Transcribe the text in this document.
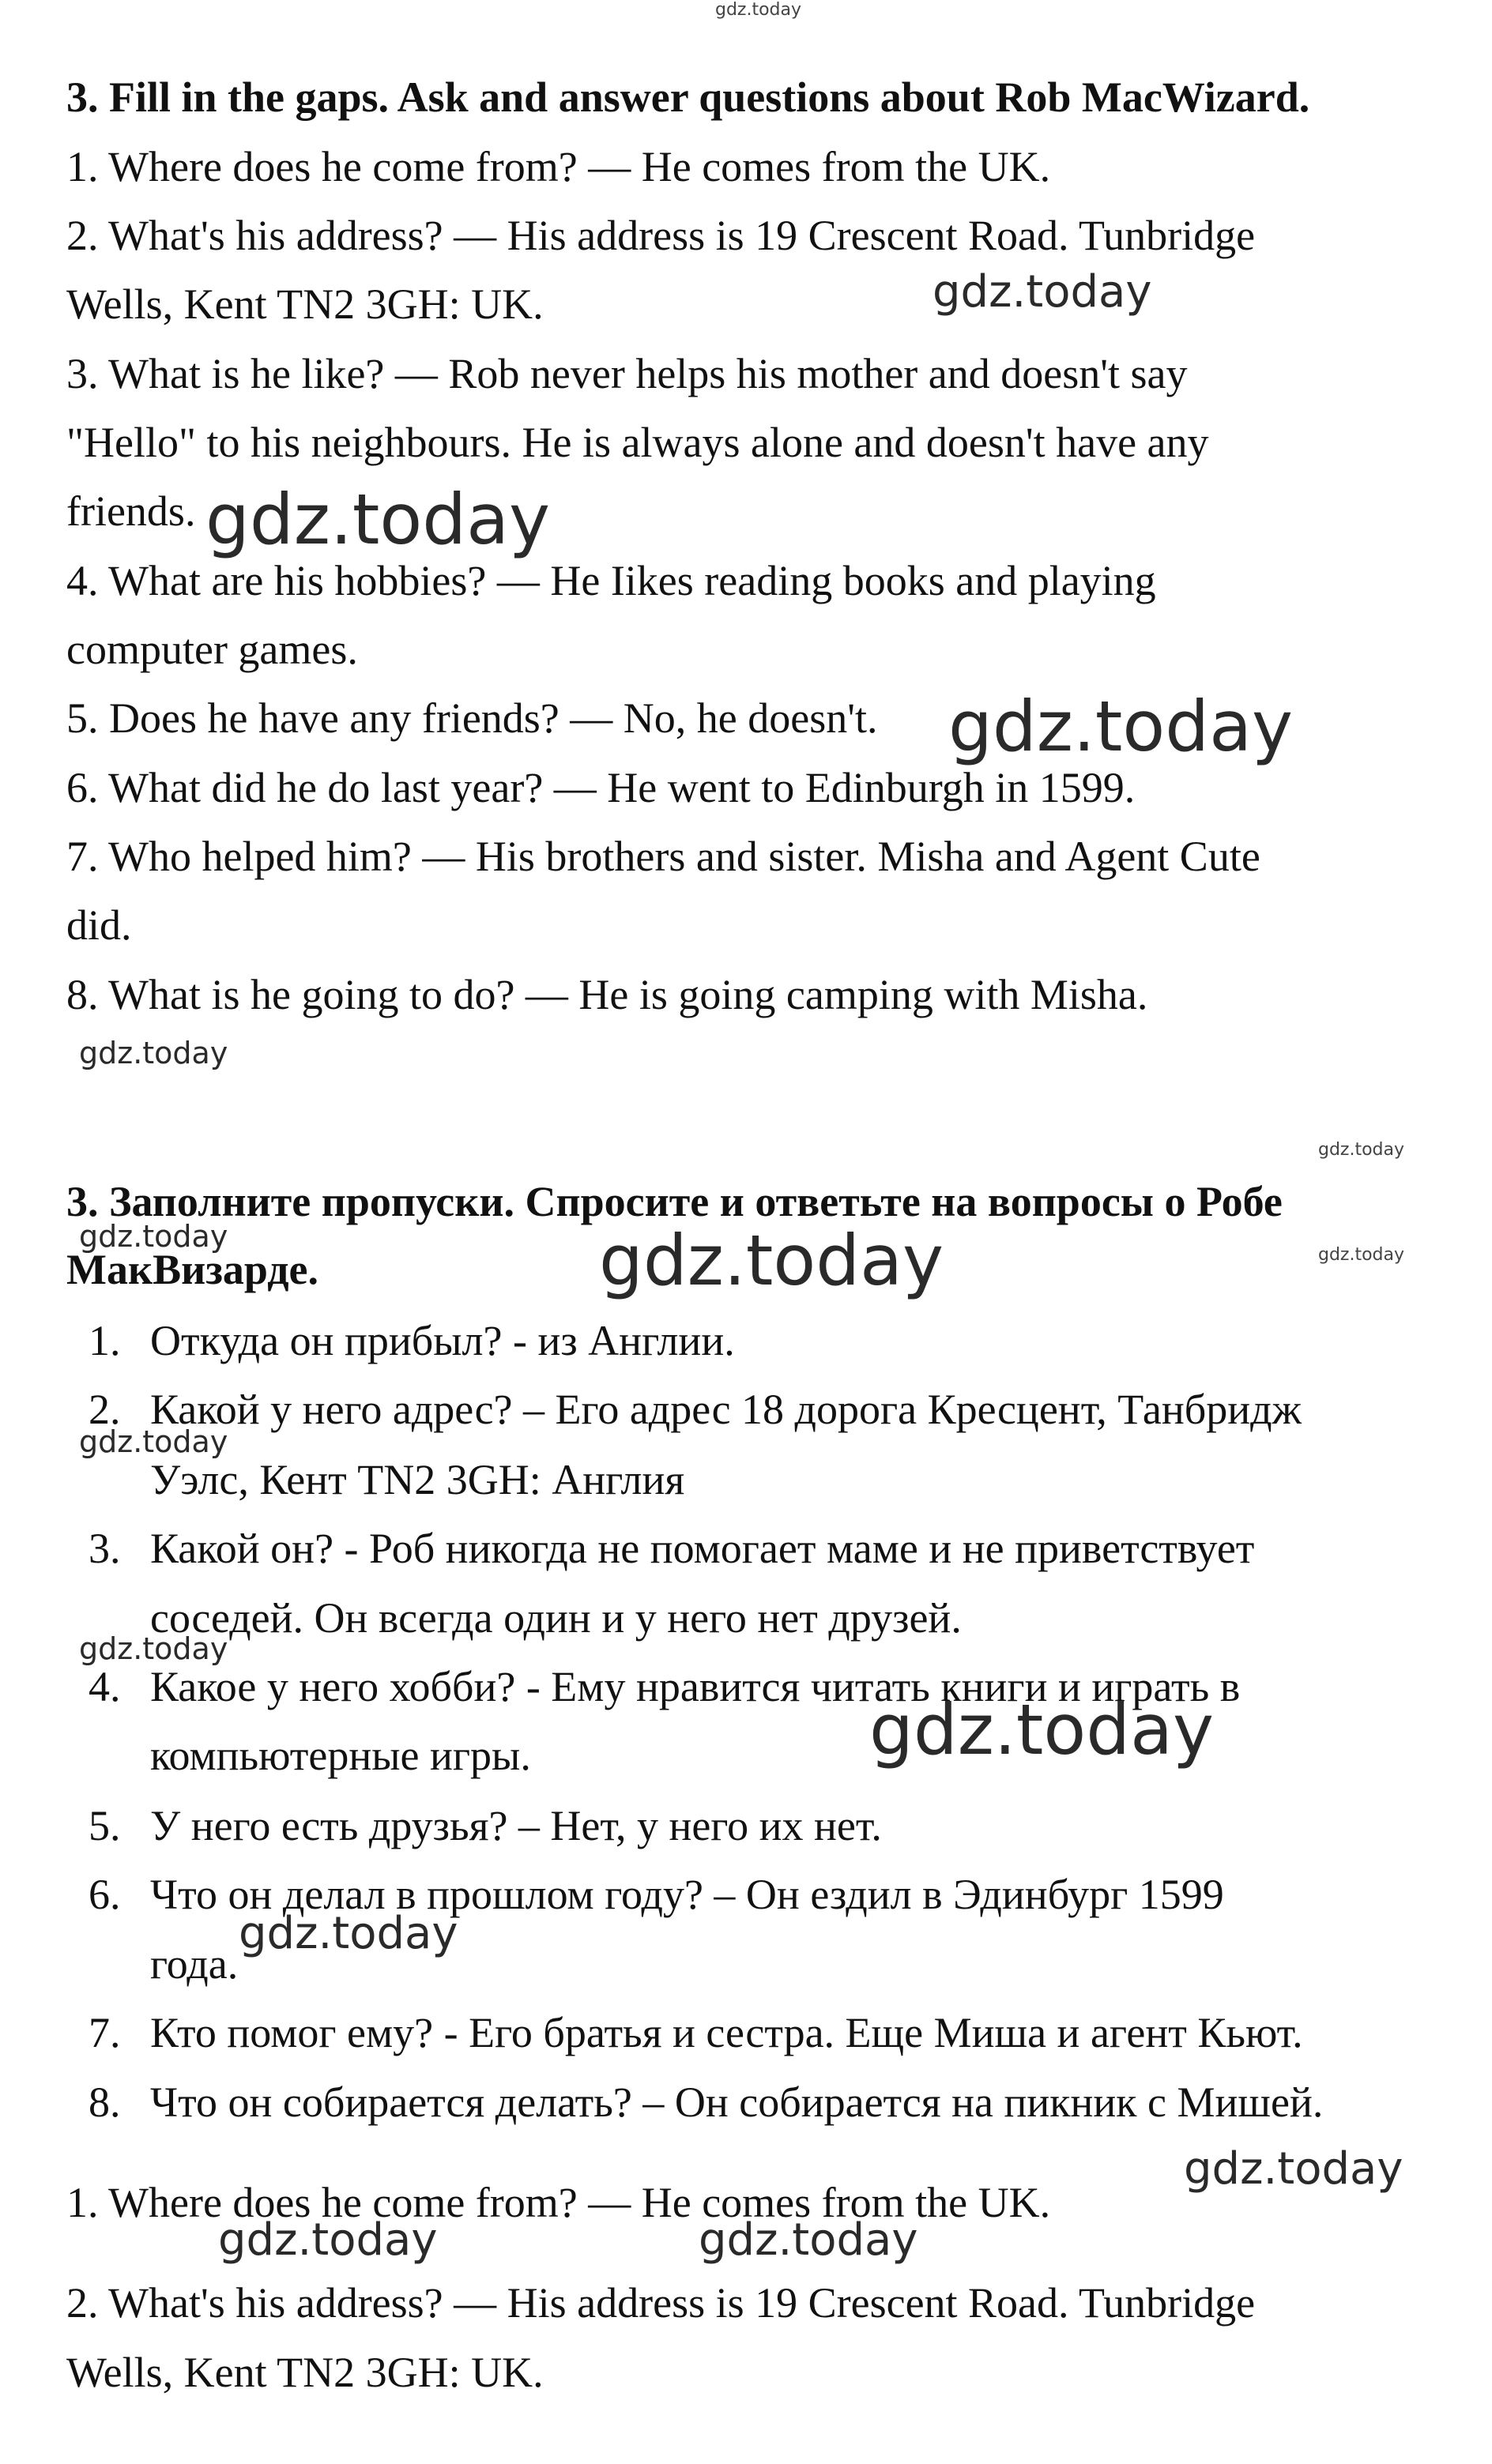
3. Fill in the gaps. Ask and answer questions about Rob MacWizard.
1. Where does he come from? — He comes from the UK.
2. What's his address? — His address is 19 Crescent Road. Tunbridge
Wells, Kent TN2 3GH: UK.
3. What is he like? — Rob never helps his mother and doesn't say
"Hello" to his neighbours. He is always alone and doesn't have any
friends.
4. What are his hobbies? — He Iikes reading books and playing
computer games.
5. Does he have any friends? — No, he doesn't.
6. What did he do last year? — He went to Edinburgh in 1599.
7. Who helped him? — His brothers and sister. Misha and Agent Cute
did.
8. What is he going to do? — He is going camping with Misha.
3. Заполните пропуски. Спросите и ответьте на вопросы о Робе
МакВизарде.
1. Откуда он прибыл? - из Англии.
2. Какой у него адрес? – Его адрес 18 дорога Кресцент, Танбридж
Уэлс, Кент TN2 3GH: Англия
3. Какой он? - Роб никогда не помогает маме и не приветствует
соседей. Он всегда один и у него нет друзей.
4. Какое у него хобби? - Ему нравится читать книги и играть в
компьютерные игры.
5. У него есть друзья? – Нет, у него их нет.
6. Что он делал в прошлом году? – Он ездил в Эдинбург 1599
года.
7. Кто помог ему? - Его братья и сестра. Еще Миша и агент Кьют.
8. Что он собирается делать? – Он собирается на пикник с Мишей.
1. Where does he come from? — He comes from the UK.
2. What's his address? — His address is 19 Crescent Road. Tunbridge
Wells, Kent TN2 3GH: UK.
gdz.today
gdz.today
gdz.today
gdz.today
gdz.today
gdz.today
gdz.today
gdz.today
gdz.today
gdz.today
gdz.today
gdz.today
gdz.today
gdz.today
gdz.today	gdz.today
